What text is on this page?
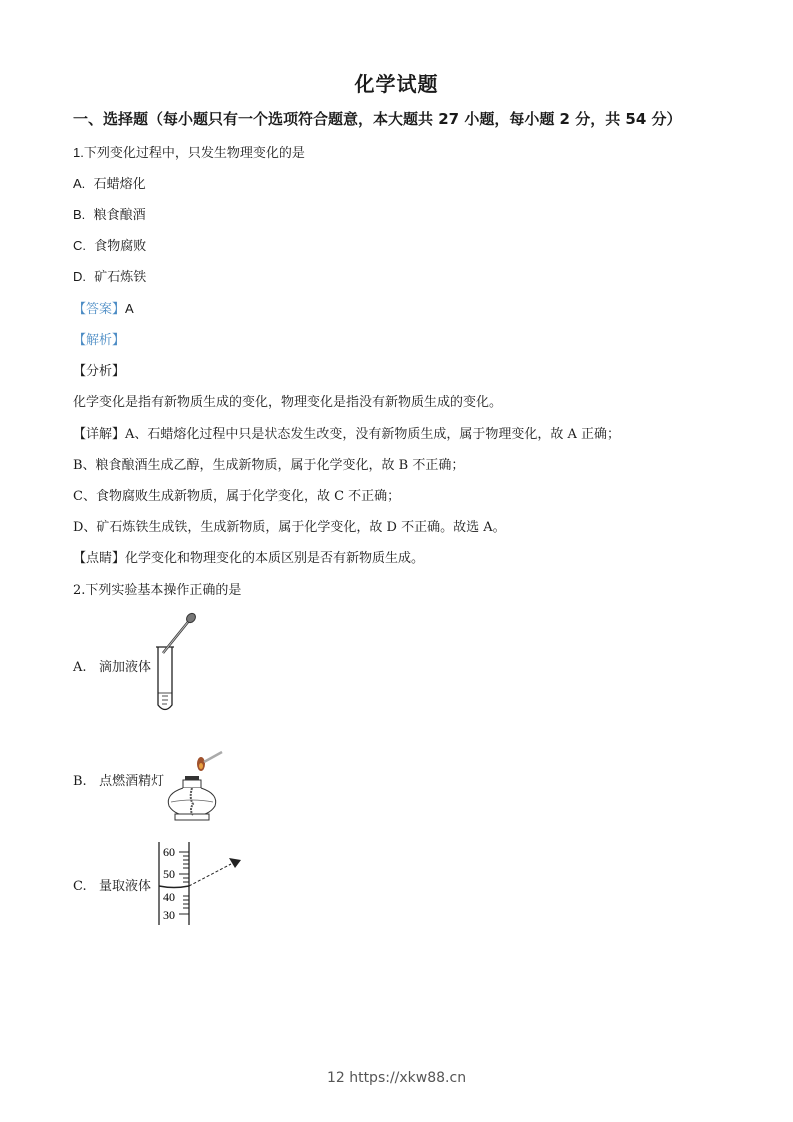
化学试题
一、选择题（每小题只有一个选项符合题意，本大题共 27 小题，每小题 2 分，共 54 分）
1.下列变化过程中，只发生物理变化的是
A. 石蜡熔化
B. 粮食酿酒
C. 食物腐败
D. 矿石炼铁
【答案】A
【解析】
【分析】
化学变化是指有新物质生成的变化，物理变化是指没有新物质生成的变化。
【详解】A、石蜡熔化过程中只是状态发生改变，没有新物质生成，属于物理变化，故 A 正确；
B、粮食酿酒生成乙醇，生成新物质，属于化学变化，故 B 不正确；
C、食物腐败生成新物质，属于化学变化，故 C 不正确；
D、矿石炼铁生成铁，生成新物质，属于化学变化，故 D 不正确。故选 A。
【点睛】化学变化和物理变化的本质区别是否有新物质生成。
2.下列实验基本操作正确的是
A. 滴加液体
B. 点燃酒精灯
C. 量取液体
60
50
40
30
12 https://xkw88.cn
